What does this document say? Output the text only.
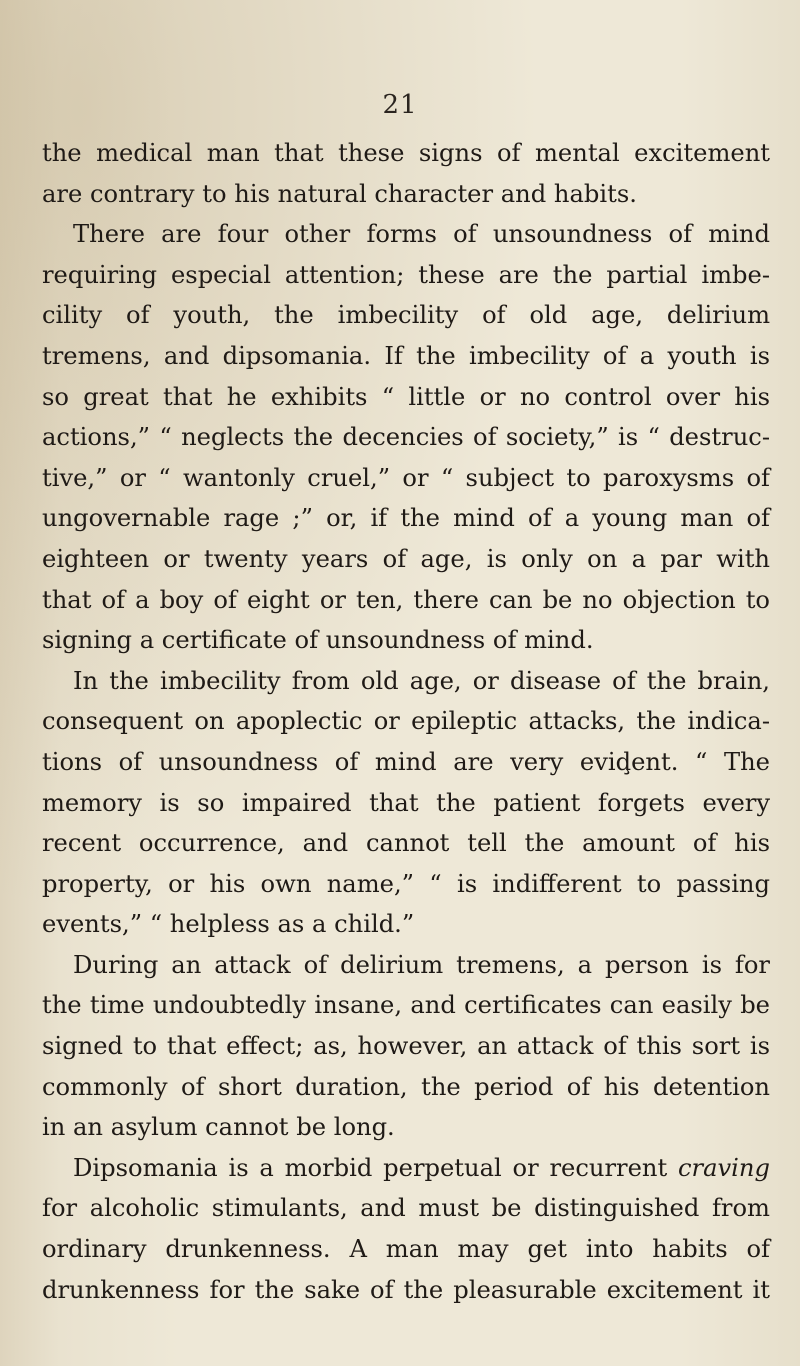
21
the medical man that these signs of mental excitement
are contrary to his natural character and habits.
There are four other forms of unsoundness of mind
requiring especial attention; these are the partial imbe-
cility of youth, the imbecility of old age, delirium
tremens, and dipsomania. If the imbecility of a youth is
so great that he exhibits “ little or no control over his
actions,” “ neglects the decencies of society,” is “ destruc-
tive,” or “ wantonly cruel,” or “ subject to paroxysms of
ungovernable rage ;” or, if the mind of a young man of
eighteen or twenty years of age, is only on a par with
that of a boy of eight or ten, there can be no objection to
signing a certificate of unsoundness of mind.
In the imbecility from old age, or disease of the brain,
consequent on apoplectic or epileptic attacks, the indica-
tions of unsoundness of mind are very eviḑent. “ The
memory is so impaired that the patient forgets every
recent occurrence, and cannot tell the amount of his
property, or his own name,” “ is indifferent to passing
events,” “ helpless as a child.”
During an attack of delirium tremens, a person is for
the time undoubtedly insane, and certificates can easily be
signed to that effect; as, however, an attack of this sort is
commonly of short duration, the period of his detention
in an asylum cannot be long.
Dipsomania is a morbid perpetual or recurrent craving
for alcoholic stimulants, and must be distinguished from
ordinary drunkenness. A man may get into habits of
drunkenness for the sake of the pleasurable excitement it
